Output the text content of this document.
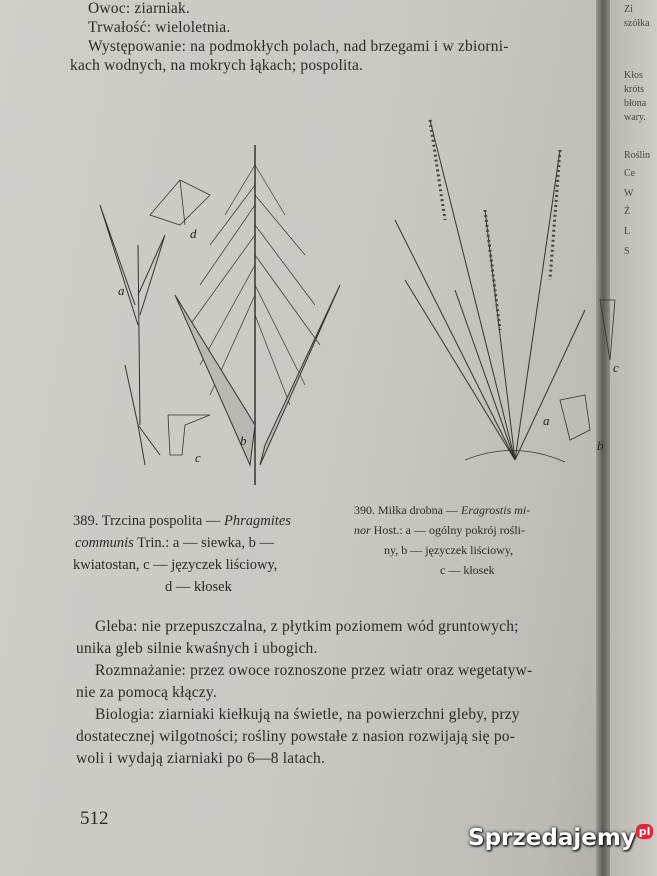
Zi
szółka
Kłos
króts
błona
wary.
Roślin
Ce
W
Ż
L
S
Owoc: ziarniak.
Trwałość: wieloletnia.
Występowanie: na podmokłych polach, nad brzegami i w zbiorni-
kach wodnych, na mokrych łąkach; pospolita.
a
b
c
d
a
b
c
389. Trzcina pospolita — Phragmites
communis Trin.: a — siewka, b —
kwiatostan, c — języczek liściowy,
d — kłosek
390. Miłka drobna — Eragrostis mi-
nor Host.: a — ogólny pokrój rośli-
ny, b — języczek liściowy,
c — kłosek
Gleba: nie przepuszczalna, z płytkim poziomem wód gruntowych;
unika gleb silnie kwaśnych i ubogich.
Rozmnażanie: przez owoce roznoszone przez wiatr oraz wegetatyw-
nie za pomocą kłączy.
Biologia: ziarniaki kiełkują na świetle, na powierzchni gleby, przy
dostatecznej wilgotności; rośliny powstałe z nasion rozwijają się po-
woli i wydają ziarniaki po 6—8 latach.
512
Sprzedajemy $^{pl}$
